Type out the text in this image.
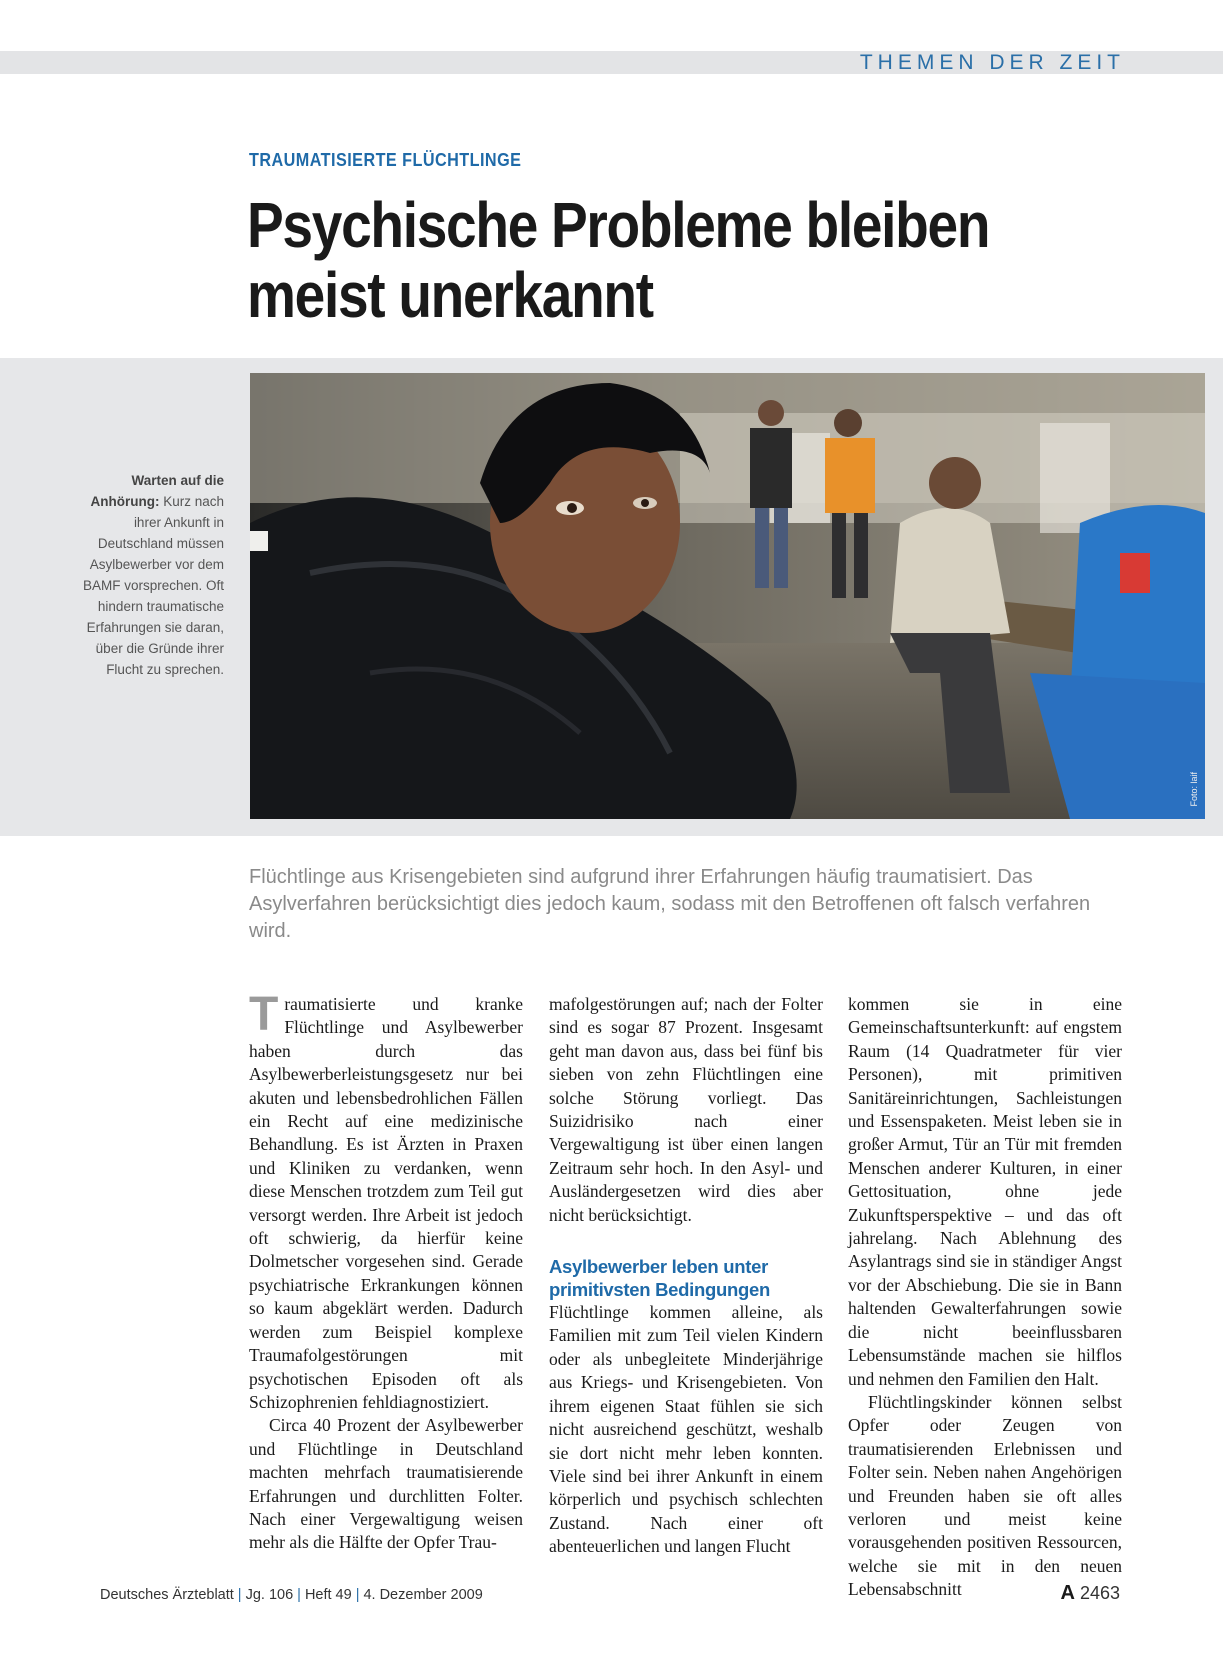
THEMEN DER ZEIT
TRAUMATISIERTE FLÜCHTLINGE
Psychische Probleme bleiben
meist unerkannt
Warten auf die Anhörung: Kurz nach ihrer Ankunft in Deutschland müssen Asylbewerber vor dem BAMF vorsprechen. Oft hindern traumatische Erfahrungen sie daran, über die Gründe ihrer Flucht zu sprechen.
Foto: laif
Flüchtlinge aus Krisengebieten sind aufgrund ihrer Erfahrungen häufig traumatisiert. Das Asylverfahren berücksichtigt dies jedoch kaum, sodass mit den Betroffenen oft falsch verfahren wird.

Traumatisierte und kranke Flüchtlinge und Asylbewerber haben durch das Asylbewerberleistungsgesetz nur bei akuten und lebensbedrohlichen Fällen ein Recht auf eine medizinische Behandlung. Es ist Ärzten in Praxen und Kliniken zu verdanken, wenn diese Menschen trotzdem zum Teil gut versorgt werden. Ihre Arbeit ist jedoch oft schwierig, da hierfür keine Dolmetscher vorgesehen sind. Gerade psychiatrische Erkrankungen können so kaum abgeklärt werden. Dadurch werden zum Beispiel komplexe Traumafolgestörungen mit psychotischen Episoden oft als Schizophrenien fehldiagnostiziert.

Circa 40 Prozent der Asylbewerber und Flüchtlinge in Deutschland machten mehrfach traumatisierende Erfahrungen und durchlitten Folter. Nach einer Vergewaltigung weisen mehr als die Hälfte der Opfer Trau-

mafolgestörungen auf; nach der Folter sind es sogar 87 Prozent. Insgesamt geht man davon aus, dass bei fünf bis sieben von zehn Flüchtlingen eine solche Störung vorliegt. Das Suizidrisiko nach einer Vergewaltigung ist über einen langen Zeitraum sehr hoch. In den Asyl- und Ausländergesetzen wird dies aber nicht berücksichtigt.

Asylbewerber leben unter primitivsten Bedingungen

Flüchtlinge kommen alleine, als Familien mit zum Teil vielen Kindern oder als unbegleitete Minderjährige aus Kriegs- und Krisengebieten. Von ihrem eigenen Staat fühlen sie sich nicht ausreichend geschützt, weshalb sie dort nicht mehr leben konnten. Viele sind bei ihrer Ankunft in einem körperlich und psychisch schlechten Zustand. Nach einer oft abenteuerlichen und langen Flucht

kommen sie in eine Gemeinschaftsunterkunft: auf engstem Raum (14 Quadratmeter für vier Personen), mit primitiven Sanitäreinrichtungen, Sachleistungen und Essenspaketen. Meist leben sie in großer Armut, Tür an Tür mit fremden Menschen anderer Kulturen, in einer Gettosituation, ohne jede Zukunftsperspektive – und das oft jahrelang. Nach Ablehnung des Asylantrags sind sie in ständiger Angst vor der Abschiebung. Die sie in Bann haltenden Gewalterfahrungen sowie die nicht beeinflussbaren Lebensumstände machen sie hilflos und nehmen den Familien den Halt.

Flüchtlingskinder können selbst Opfer oder Zeugen von traumatisierenden Erlebnissen und Folter sein. Neben nahen Angehörigen und Freunden haben sie oft alles verloren und meist keine vorausgehenden positiven Ressourcen, welche sie mit in den neuen Lebensabschnitt

Deutsches Ärzteblatt | Jg. 106 | Heft 49 | 4. Dezember 2009	A 2463
